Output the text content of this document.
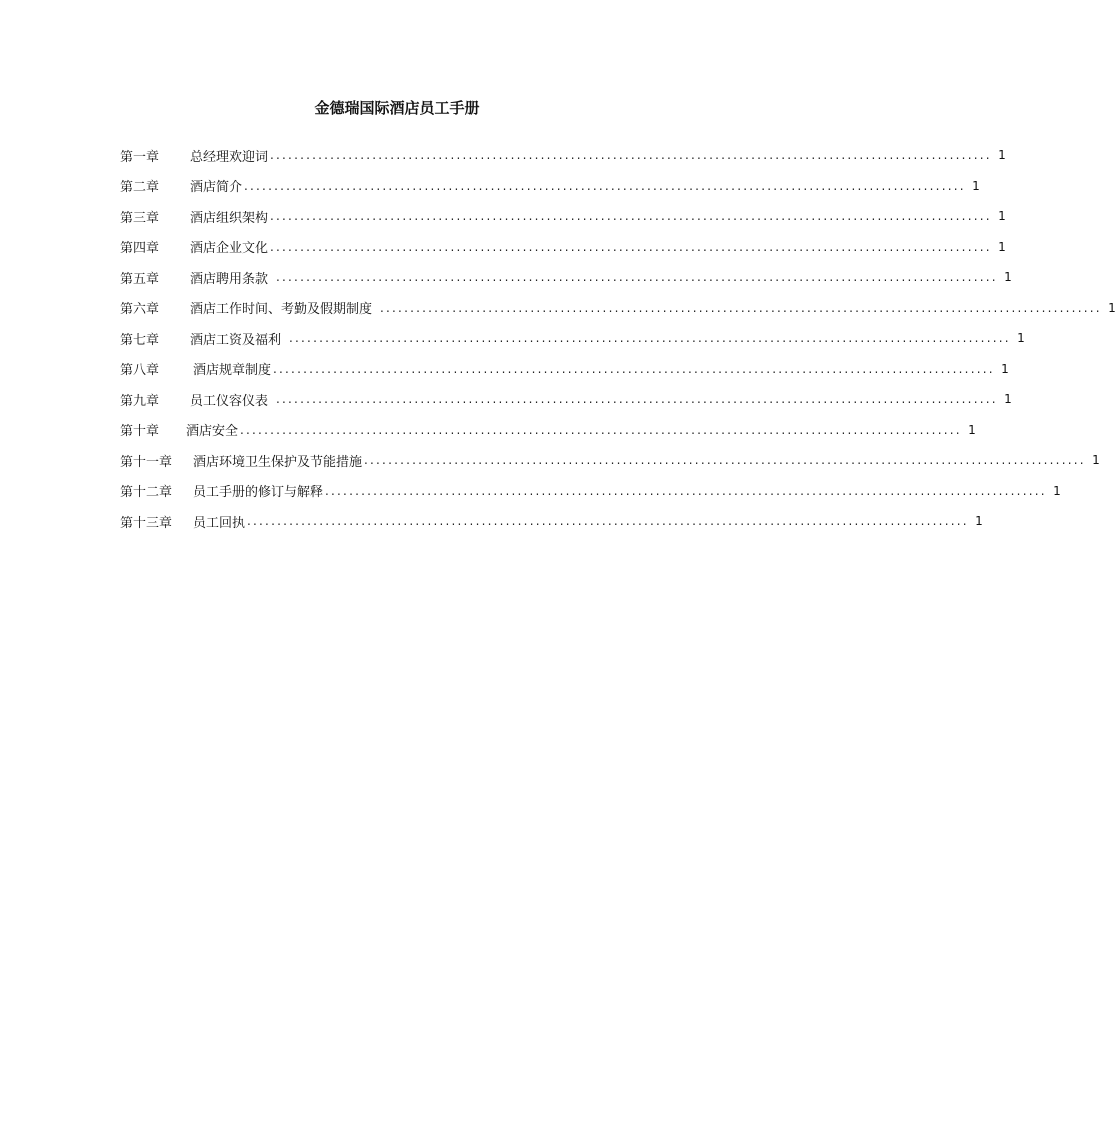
金德瑞国际酒店员工手册
第一章	总经理欢迎词 ........................................................................................................................ 1
第二章	酒店简介 ........................................................................................................................ 1
第三章	酒店组织架构 ........................................................................................................................ 1
第四章	酒店企业文化 ........................................................................................................................ 1
第五章	酒店聘用条款 ........................................................................................................................ 1
第六章	酒店工作时间、考勤及假期制度 ........................................................................................................................ 1
第七章	酒店工资及福利 ........................................................................................................................ 1
第八章	酒店规章制度 ........................................................................................................................ 1
第九章	员工仪容仪表 ........................................................................................................................ 1
第十章	酒店安全 ........................................................................................................................ 1
第十一章	酒店环境卫生保护及节能措施 ........................................................................................................................ 1
第十二章	员工手册的修订与解释 ........................................................................................................................ 1
第十三章	员工回执 ........................................................................................................................ 1
